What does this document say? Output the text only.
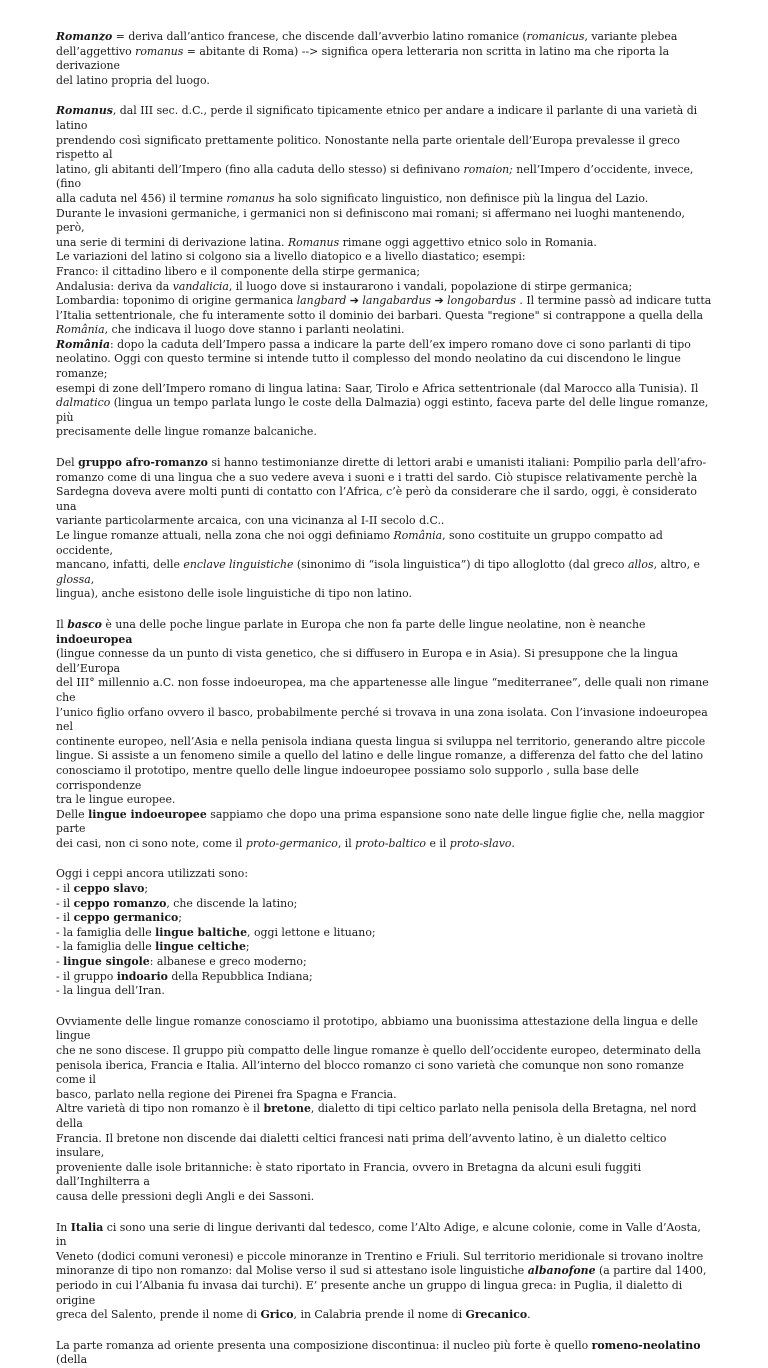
Romanzo = deriva dall’antico francese, che discende dall’avverbio latino romanice (romanicus, variante plebea
dell’aggettivo romanus = abitante di Roma) --> significa opera letteraria non scritta in latino ma che riporta la derivazione
del latino propria del luogo.

Romanus, dal III sec. d.C., perde il significato tipicamente etnico per andare a indicare il parlante di una varietà di latino
prendendo così significato prettamente politico. Nonostante nella parte orientale dell’Europa prevalesse il greco rispetto al
latino, gli abitanti dell’Impero (fino alla caduta dello stesso) si definivano romaion; nell’Impero d’occidente, invece, (fino
alla caduta nel 456) il termine romanus ha solo significato linguistico, non definisce più la lingua del Lazio.
Durante le invasioni germaniche, i germanici non si definiscono mai romani; si affermano nei luoghi mantenendo, però,
una serie di termini di derivazione latina. Romanus rimane oggi aggettivo etnico solo in Romania.
Le variazioni del latino si colgono sia a livello diatopico e a livello diastatico; esempi:
Franco: il cittadino libero e il componente della stirpe germanica;
Andalusia: deriva da vandalicia, il luogo dove si instaurarono i vandali, popolazione di stirpe germanica;
Lombardia: toponimo di origine germanica langbard ➔ langabardus ➔ longobardus . Il termine passò ad indicare tutta
l’Italia settentrionale, che fu interamente sotto il dominio dei barbari. Questa "regione" si contrappone a quella della
România, che indicava il luogo dove stanno i parlanti neolatini.
România: dopo la caduta dell’Impero passa a indicare la parte dell’ex impero romano dove ci sono parlanti di tipo
neolatino. Oggi con questo termine si intende tutto il complesso del mondo neolatino da cui discendono le lingue romanze;
esempi di zone dell’Impero romano di lingua latina: Saar, Tirolo e Africa settentrionale (dal Marocco alla Tunisia). Il
dalmatico (lingua un tempo parlata lungo le coste della Dalmazia) oggi estinto, faceva parte del delle lingue romanze, più
precisamente delle lingue romanze balcaniche.

Del gruppo afro-romanzo si hanno testimonianze dirette di lettori arabi e umanisti italiani: Pompilio parla dell’afro-
romanzo come di una lingua che a suo vedere aveva i suoni e i tratti del sardo. Ciò stupisce relativamente perchè la
Sardegna doveva avere molti punti di contatto con l’Africa, c’è però da considerare che il sardo, oggi, è considerato una
variante particolarmente arcaica, con una vicinanza al I-II secolo d.C..
Le lingue romanze attuali, nella zona che noi oggi definiamo România, sono costituite un gruppo compatto ad occidente,
mancano, infatti, delle enclave linguistiche (sinonimo di “isola linguistica”) di tipo alloglotto (dal greco allos, altro, e glossa,
lingua), anche esistono delle isole linguistiche di tipo non latino.

Il basco è una delle poche lingue parlate in Europa che non fa parte delle lingue neolatine, non è neanche indoeuropea
(lingue connesse da un punto di vista genetico, che si diffusero in Europa e in Asia). Si presuppone che la lingua dell’Europa
del III° millennio a.C. non fosse indoeuropea, ma che appartenesse alle lingue “mediterranee”, delle quali non rimane che
l’unico figlio orfano ovvero il basco, probabilmente perché si trovava in una zona isolata. Con l’invasione indoeuropea nel
continente europeo, nell’Asia e nella penisola indiana questa lingua si sviluppa nel territorio, generando altre piccole
lingue. Si assiste a un fenomeno simile a quello del latino e delle lingue romanze, a differenza del fatto che del latino
conosciamo il prototipo, mentre quello delle lingue indoeuropee possiamo solo supporlo , sulla base delle corrispondenze
tra le lingue europee.
Delle lingue indoeuropee sappiamo che dopo una prima espansione sono nate delle lingue figlie che, nella maggior parte
dei casi, non ci sono note, come il proto-germanico, il proto-baltico e il proto-slavo.

Oggi i ceppi ancora utilizzati sono:
- il ceppo slavo;
- il ceppo romanzo, che discende la latino;
- il ceppo germanico;
- la famiglia delle lingue baltiche, oggi lettone e lituano;
- la famiglia delle lingue celtiche;
- lingue singole: albanese e greco moderno;
- il gruppo indoario della Repubblica Indiana;
- la lingua dell’Iran.

Ovviamente delle lingue romanze conosciamo il prototipo, abbiamo una buonissima attestazione della lingua e delle lingue
che ne sono discese. Il gruppo più compatto delle lingue romanze è quello dell’occidente europeo, determinato della
penisola iberica, Francia e Italia. All’interno del blocco romanzo ci sono varietà che comunque non sono romanze come il
basco, parlato nella regione dei Pirenei fra Spagna e Francia.
Altre varietà di tipo non romanzo è il bretone, dialetto di tipi celtico parlato nella penisola della Bretagna, nel nord della
Francia. Il bretone non discende dai dialetti celtici francesi nati prima dell’avvento latino, è un dialetto celtico insulare,
proveniente dalle isole britanniche: è stato riportato in Francia, ovvero in Bretagna da alcuni esuli fuggiti dall’Inghilterra a
causa delle pressioni degli Angli e dei Sassoni.

In Italia ci sono una serie di lingue derivanti dal tedesco, come l’Alto Adige, e alcune colonie, come in Valle d’Aosta, in
Veneto (dodici comuni veronesi) e piccole minoranze in Trentino e Friuli. Sul territorio meridionale si trovano inoltre
minoranze di tipo non romanzo: dal Molise verso il sud si attestano isole linguistiche albanofone (a partire dal 1400,
periodo in cui l’Albania fu invasa dai turchi). E’ presente anche un gruppo di lingua greca: in Puglia, il dialetto di origine
greca del Salento, prende il nome di Grico, in Calabria prende il nome di Grecanico.

La parte romanza ad oriente presenta una composizione discontinua: il nucleo più forte è quello romeno-neolatino (della
